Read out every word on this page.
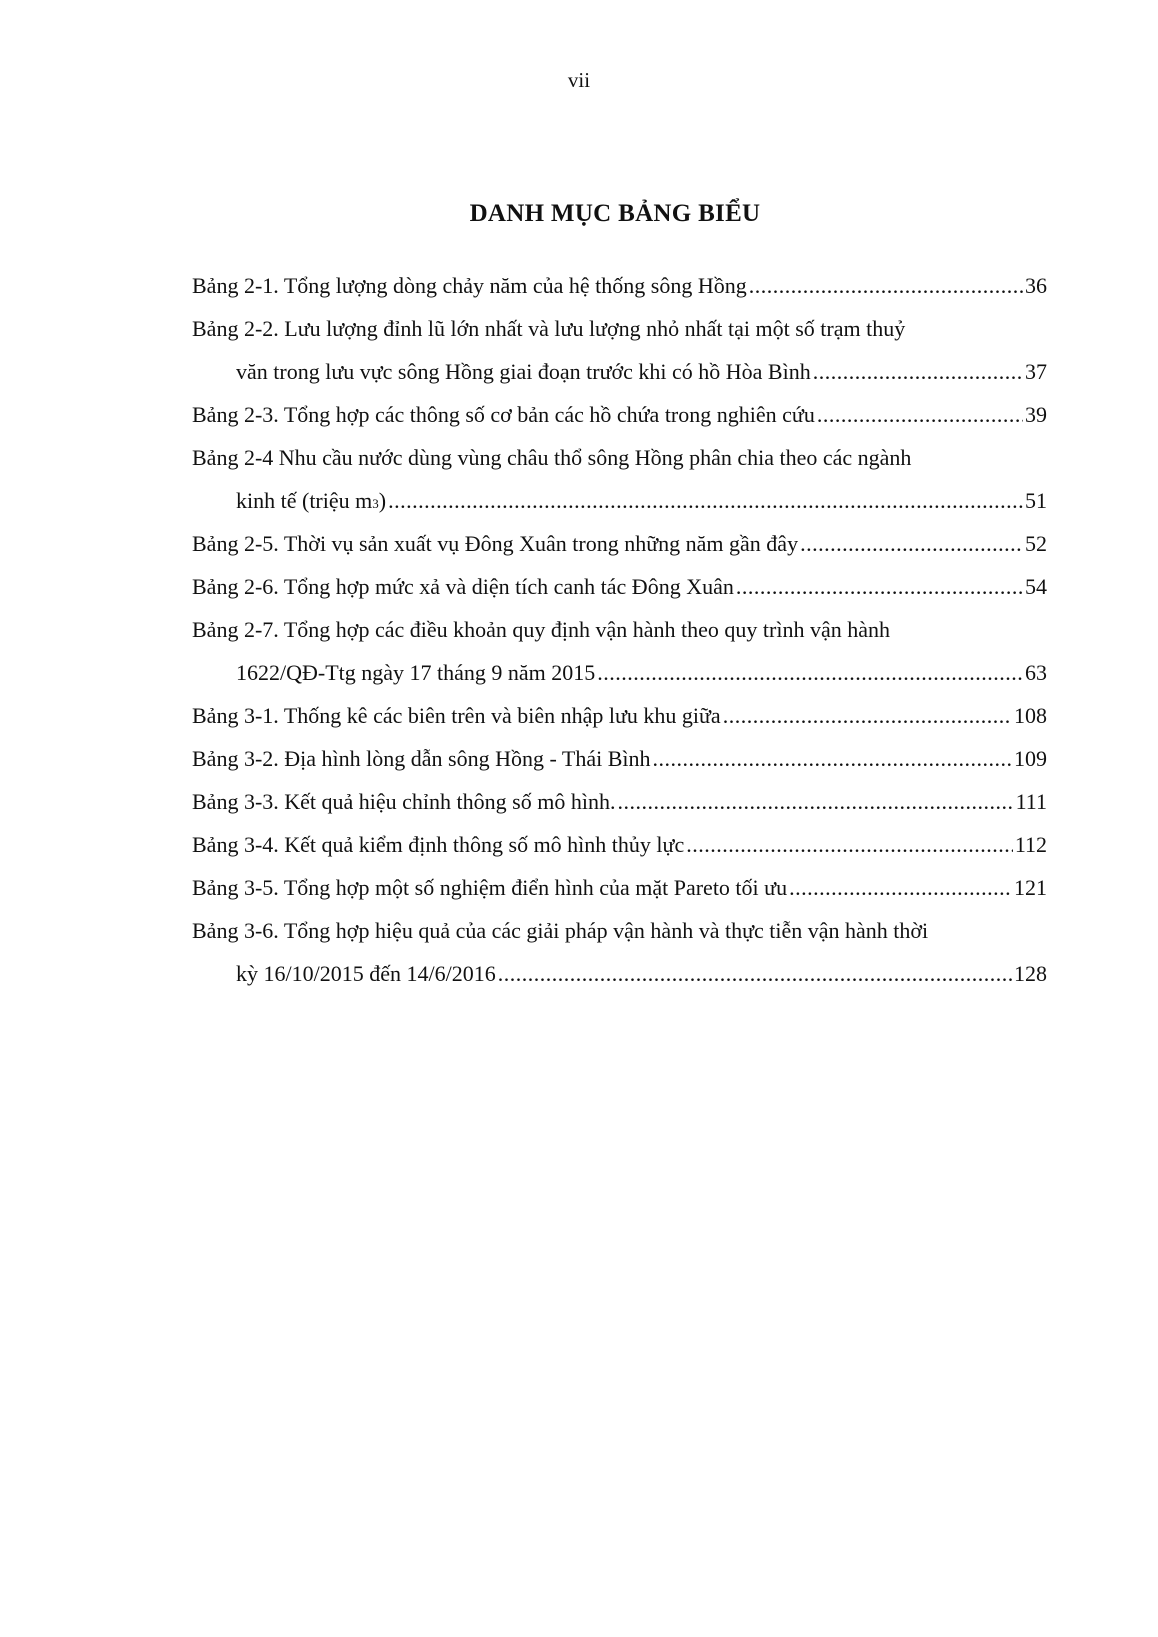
vii
DANH MỤC BẢNG BIỂU
Bảng 2-1. Tổng lượng dòng chảy năm của hệ thống sông Hồng .....	36
Bảng 2-2. Lưu lượng đỉnh lũ lớn nhất và lưu lượng nhỏ nhất tại một số trạm thuỷ
văn trong lưu vực sông Hồng giai đoạn trước khi có hồ Hòa Bình .....	37
Bảng 2-3. Tổng hợp các thông số cơ bản các hồ chứa trong nghiên cứu .....	39
Bảng 2-4 Nhu cầu nước dùng vùng châu thổ sông Hồng phân chia theo các ngành
kinh tế (triệu m 3 ) .....	51
Bảng 2-5. Thời vụ sản xuất vụ Đông Xuân trong những năm gần đây .....	52
Bảng 2-6. Tổng hợp mức xả và diện tích canh tác Đông Xuân .....	54
Bảng 2-7. Tổng hợp các điều khoản quy định vận hành theo quy trình vận hành
1622/QĐ-Ttg ngày 17 tháng 9 năm 2015 .....	63
Bảng 3-1. Thống kê các biên trên và biên nhập lưu khu giữa .....	108
Bảng 3-2. Địa hình lòng dẫn sông Hồng - Thái Bình .....	109
Bảng 3-3. Kết quả hiệu chỉnh thông số mô hình. .....	111
Bảng 3-4. Kết quả kiểm định thông số mô hình thủy lực .....	112
Bảng 3-5. Tổng hợp một số nghiệm điển hình của mặt Pareto tối ưu .....	121
Bảng 3-6. Tổng hợp hiệu quả của các giải pháp vận hành và thực tiễn vận hành thời
kỳ 16/10/2015 đến 14/6/2016 .....	128
